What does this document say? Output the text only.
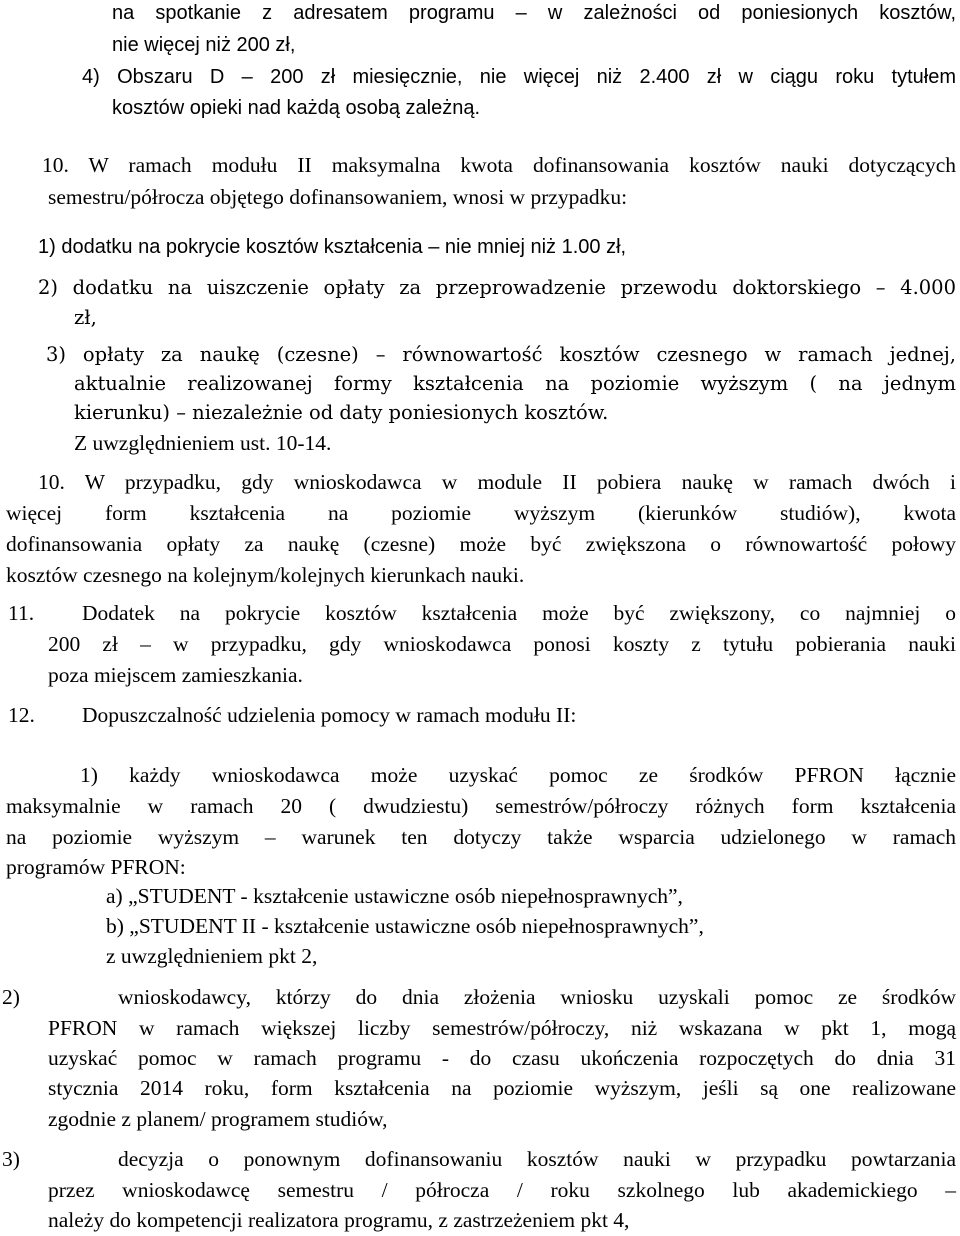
na spotkanie z adresatem programu – w zależności od poniesionych kosztów,
nie więcej niż 200 zł,
4) Obszaru D – 200 zł miesięcznie, nie więcej niż 2.400 zł w ciągu roku tytułem
kosztów opieki nad każdą osobą zależną.
10. W ramach modułu II maksymalna kwota dofinansowania kosztów nauki dotyczących
semestru/półrocza objętego dofinansowaniem, wnosi w przypadku:
1) dodatku na pokrycie kosztów kształcenia – nie mniej niż 1.00 zł,
2) dodatku na uiszczenie opłaty za przeprowadzenie przewodu doktorskiego – 4.000
zł,
3) opłaty za naukę (czesne) – równowartość kosztów czesnego w ramach jednej,
aktualnie realizowanej formy kształcenia na poziomie wyższym ( na jednym
kierunku) – niezależnie od daty poniesionych kosztów.
Z uwzględnieniem ust. 10-14.
10. W przypadku, gdy wnioskodawca w module II pobiera naukę w ramach dwóch i
więcej form kształcenia na poziomie wyższym (kierunków studiów), kwota
dofinansowania opłaty za naukę (czesne) może być zwiększona o równowartość połowy
kosztów czesnego na kolejnym/kolejnych kierunkach nauki.
11. Dodatek na pokrycie kosztów kształcenia może być zwiększony, co najmniej o
200 zł – w przypadku, gdy wnioskodawca ponosi koszty z tytułu pobierania nauki
poza miejscem zamieszkania.
12. Dopuszczalność udzielenia pomocy w ramach modułu II:
1) każdy wnioskodawca może uzyskać pomoc ze środków PFRON łącznie
maksymalnie w ramach 20 ( dwudziestu) semestrów/półroczy różnych form kształcenia
na poziomie wyższym – warunek ten dotyczy także wsparcia udzielonego w ramach
programów PFRON:
a) „STUDENT - kształcenie ustawiczne osób niepełnosprawnych”,
b) „STUDENT II - kształcenie ustawiczne osób niepełnosprawnych”,
z uwzględnieniem pkt 2,
2)	wnioskodawcy, którzy do dnia złożenia wniosku uzyskali pomoc ze środków
PFRON w ramach większej liczby semestrów/półroczy, niż wskazana w pkt 1, mogą
uzyskać pomoc w ramach programu - do czasu ukończenia rozpoczętych do dnia 31
stycznia 2014 roku, form kształcenia na poziomie wyższym, jeśli są one realizowane
zgodnie z planem/ programem studiów,
3)	decyzja o ponownym dofinansowaniu kosztów nauki w przypadku powtarzania
przez wnioskodawcę semestru / półrocza / roku szkolnego lub akademickiego –
należy do kompetencji realizatora programu, z zastrzeżeniem pkt 4,
